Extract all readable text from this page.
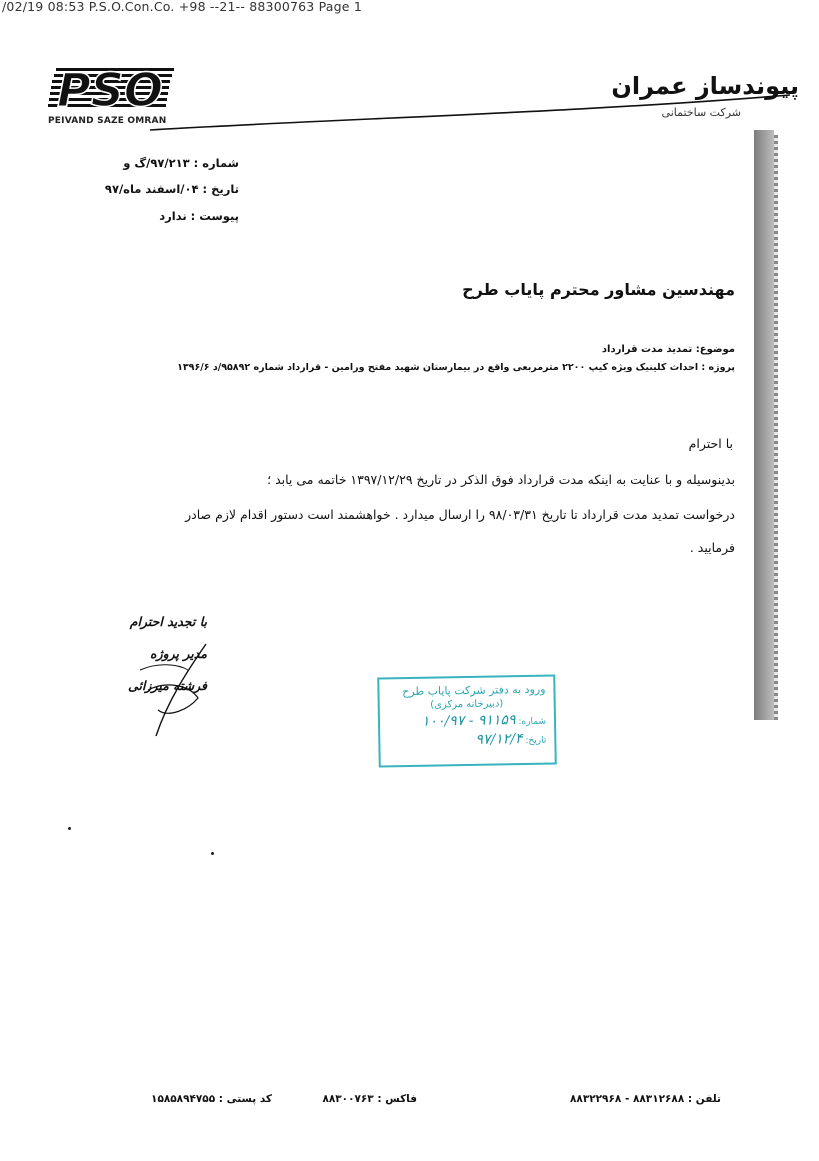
/02/19 08:53 P.S.O.Con.Co. +98 --21-- 88300763 Page 1
PSO
PEIVAND SAZE OMRAN
پیوندساز عمران
شرکت ساختمانی
شماره : ۹۷/۲۱۳/گ و
تاریخ : ۰۴/اسفند ماه/۹۷
پیوست : ندارد
مهندسین مشاور محترم پایاب طرح
موضوع: تمدید مدت قرارداد
پروژه : احداث کلینیک ویژه کیپ ۲۲۰۰ مترمربعی واقع در بیمارستان شهید مفتح ورامین - قرارداد شماره ۹۵۸۹۲/د ۱۳۹۶/۶
با احترام
بدینوسیله و با عنایت به اینکه مدت قرارداد فوق الذکر در تاریخ ۱۳۹۷/۱۲/۲۹ خاتمه می یابد ؛
درخواست تمدید مدت قرارداد تا تاریخ ۹۸/۰۳/۳۱ را ارسال میدارد . خواهشمند است دستور اقدام لازم صادر
فرمایید .
با تجدید احترام
مدیر پروژه
فرشته میرزائی	ورود به دفتر شرکت پایاب طرح
(دبیرخانه مرکزی)
شماره: ۹۱۱۵۹ - ۱۰۰/۹۷
تاریخ: ۹۷/۱۲/۴
تلفن : ۸۸۳۱۲۶۸۸ - ۸۸۳۲۲۹۶۸
فاکس : ۸۸۳۰۰۷۶۳
کد پستی : ۱۵۸۵۸۹۴۷۵۵
